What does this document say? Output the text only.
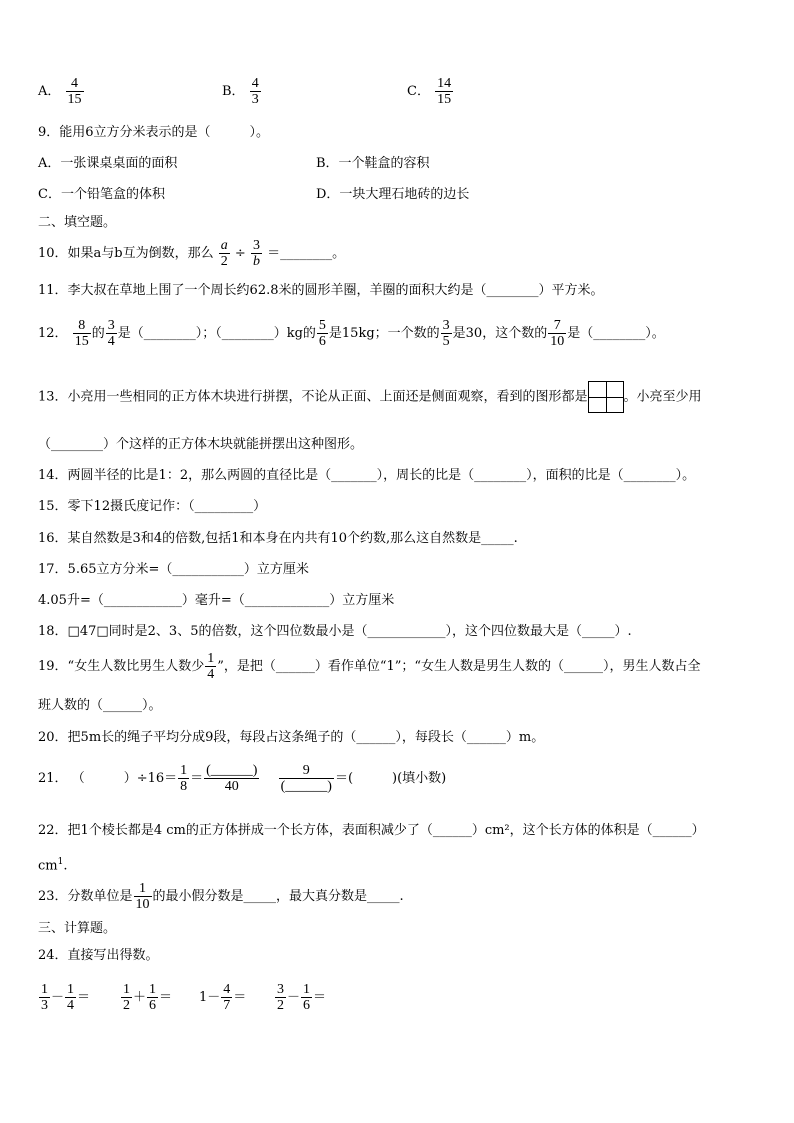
A． $\frac{4}{15}$	B． $\frac{4}{3}$	C． $\frac{14}{15}$
9．能用6立方分米表示的是（　　　）。
A．一张课桌桌面的面积	B．一个鞋盒的容积
C．一个铅笔盒的体积	D．一块大理石地砖的边长
二、填空题。
10．如果a与b互为倒数，那么 $\frac{a}{2} \div \frac{3}{b}$ ＝________。
11．李大叔在草地上围了一个周长约62.8米的圆形羊圈，羊圈的面积大约是（________）平方米。
12． $\frac{8}{15}$ 的 $\frac{3}{4}$ 是（________）；（________）kg的 $\frac{5}{6}$ 是15kg；一个数的 $\frac{3}{5}$ 是30，这个数的 $\frac{7}{10}$ 是（________）。
13．小亮用一些相同的正方体木块进行拼摆，不论从正面、上面还是侧面观察，看到的图形都是	。小亮至少用
（________）个这样的正方体木块就能拼摆出这种图形。
14．两圆半径的比是1：2，那么两圆的直径比是（_______），周长的比是（________），面积的比是（________）。
15．零下12摄氏度记作：（_________）
16．某自然数是3和4的倍数,包括1和本身在内共有10个约数,那么这自然数是_____.
17．5.65立方分米=（___________）立方厘米
4.05升=（____________）毫升=（_____________）立方厘米
18．□47□同时是2、3、5的倍数，这个四位数最小是（____________），这个四位数最大是（_____）.
19．“女生人数比男生人数少 $\frac{1}{4}$ ”，是把（______）看作单位“1”；“女生人数是男生人数的（______），男生人数占全
班人数的（______）。
20．把5m长的绳子平均分成9段，每段占这条绳子的（______），每段长（______）m。
21． （　　　）$\div 16= \frac{1}{8} = \frac{(\_\_\_\_\_\_)}{40}$
$\frac{9}{(\_\_\_\_\_\_)}$ ＝(　　　)(填小数)
22．把1个棱长都是4 cm的正方体拼成一个长方体，表面积减少了（______）cm²，这个长方体的体积是（______）
$cm^1$.
23．分数单位是 $\frac{1}{10}$ 的最小假分数是_____，最大真分数是_____.
三、计算题。
24．直接写出得数。
$\frac{1}{3} - \frac{1}{4} = \frac{1}{2} + \frac{1}{6} = 1- \frac{4}{7} = \frac{3}{2} - \frac{1}{6}$ ＝
